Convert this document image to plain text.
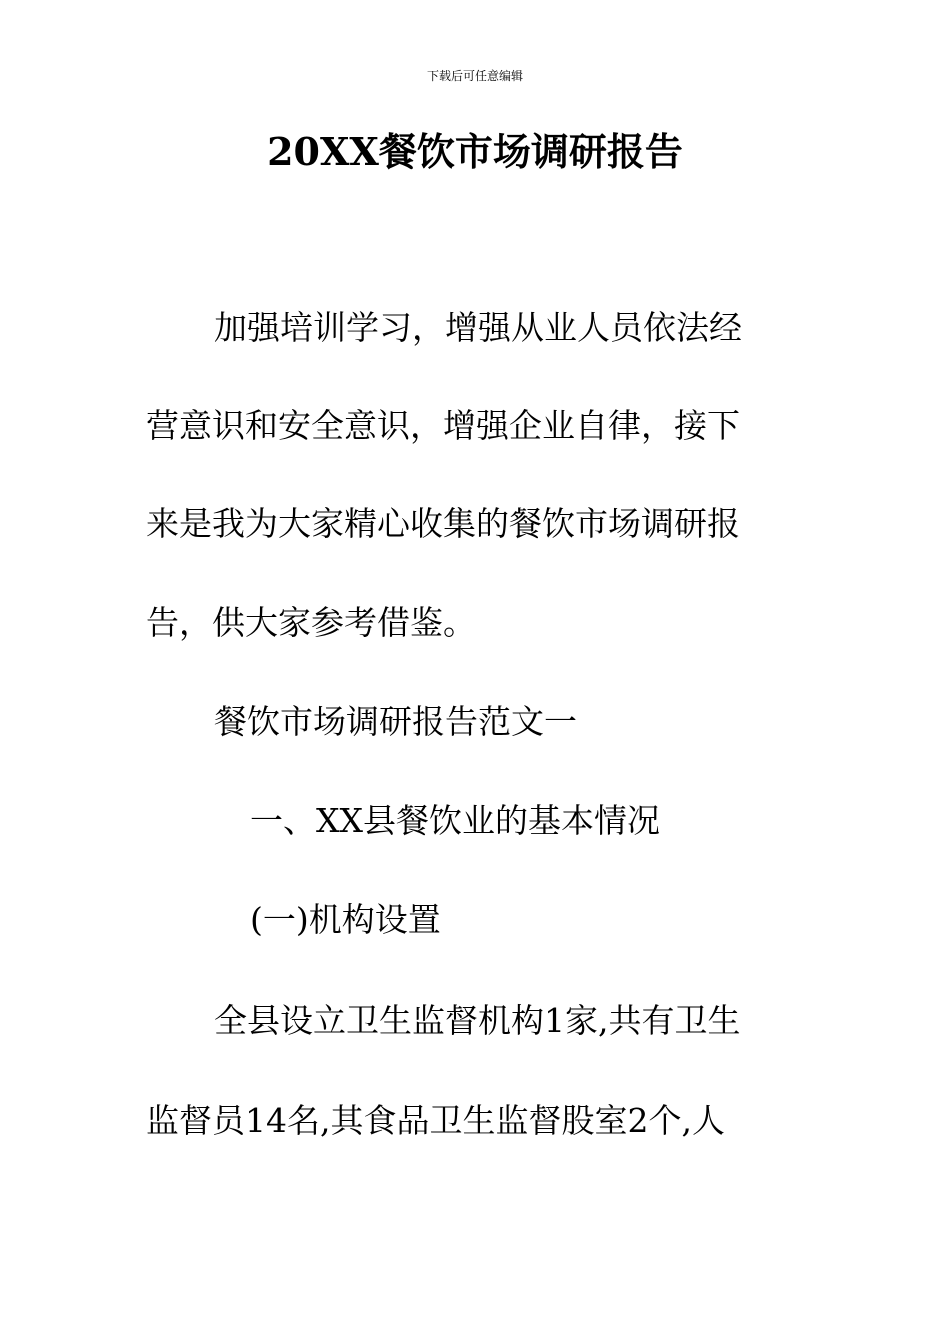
下载后可任意编辑
20XX餐饮市场调研报告
加强培训学习，增强从业人员依法经
营意识和安全意识，增强企业自律，接下
来是我为大家精心收集的餐饮市场调研报
告，供大家参考借鉴。
餐饮市场调研报告范文一
一、XX县餐饮业的基本情况
(一)机构设置
全县设立卫生监督机构1家,共有卫生
监督员14名,其食品卫生监督股室2个,人
